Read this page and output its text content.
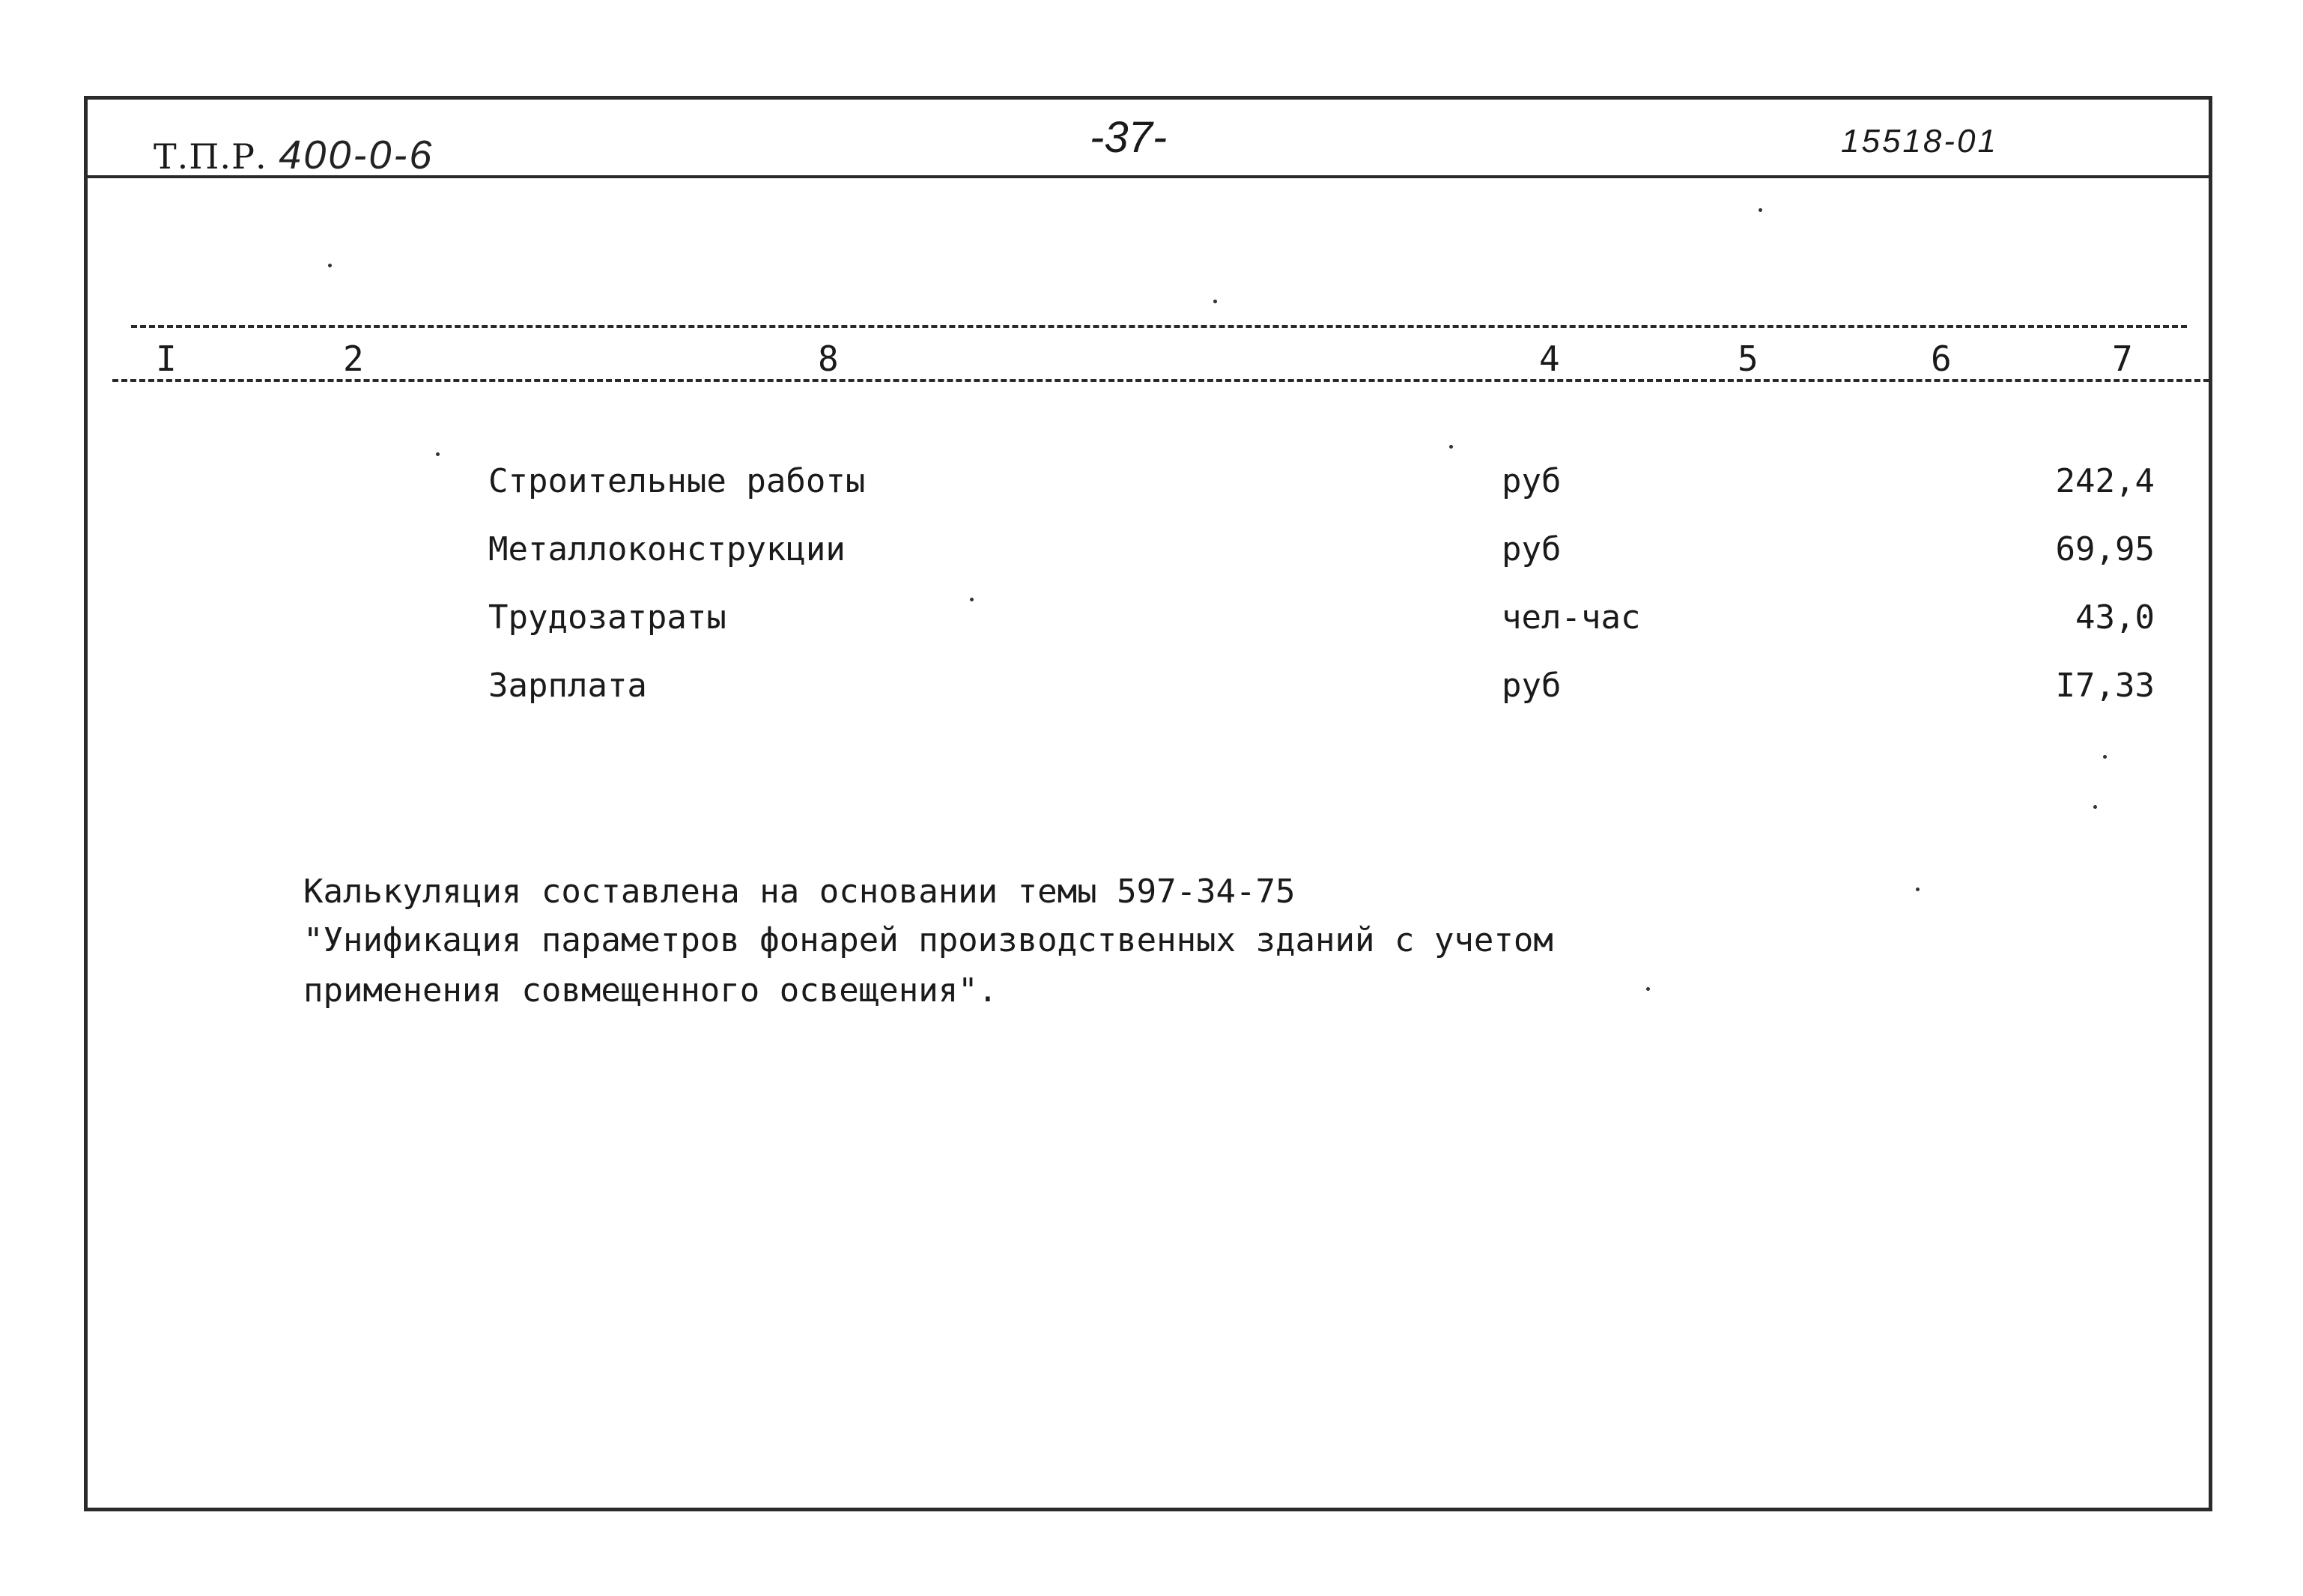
Т.П.Р. 400-0-6	-37-	15518-01
I	2	8	4	5	6	7
Строительные работы	руб	242,4
Металлоконструкции	руб	69,95
Трудозатраты	чел-час	43,0
Зарплата	руб	I7,33
Калькуляция составлена на основании темы 597-34-75
"Унификация параметров фонарей производственных зданий с учетом
применения совмещенного освещения".
